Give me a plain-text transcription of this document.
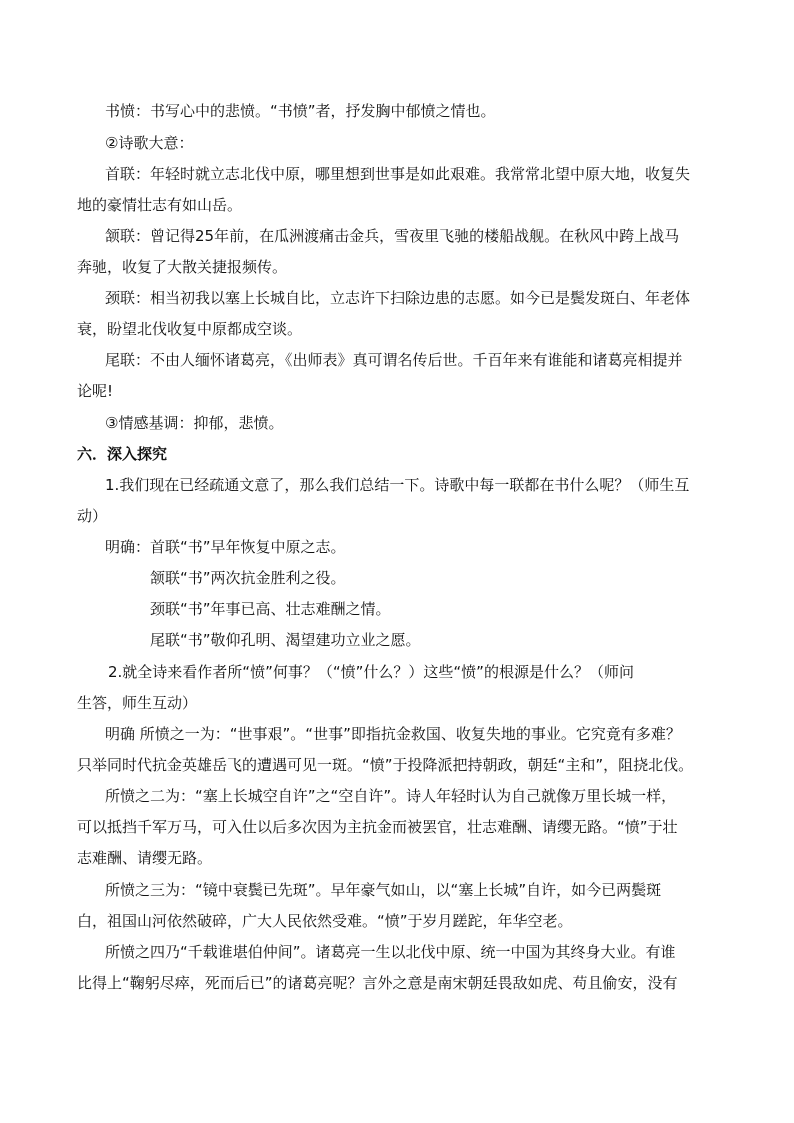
书愤：书写心中的悲愤。“书愤”者，抒发胸中郁愤之情也。
②诗歌大意：
首联：年轻时就立志北伐中原，哪里想到世事是如此艰难。我常常北望中原大地，收复失
地的豪情壮志有如山岳。
颔联：曾记得25年前，在瓜洲渡痛击金兵，雪夜里飞驰的楼船战舰。在秋风中跨上战马
奔驰，收复了大散关捷报频传。
颈联：相当初我以塞上长城自比，立志许下扫除边患的志愿。如今已是鬓发斑白、年老体
衰，盼望北伐收复中原都成空谈。
尾联：不由人缅怀诸葛亮，《出师表》真可谓名传后世。千百年来有谁能和诸葛亮相提并
论呢!
③情感基调：抑郁，悲愤。
六．深入探究
1.我们现在已经疏通文意了，那么我们总结一下。诗歌中每一联都在书什么呢？（师生互
动）
明确：首联“书”早年恢复中原之志。
颔联“书”两次抗金胜利之役。
颈联“书”年事已高、壮志难酬之情。
尾联“书”敬仰孔明、渴望建功立业之愿。
2.就全诗来看作者所“愤”何事？（“愤”什么？）这些“愤”的根源是什么？（师问
生答，师生互动）
明确 所愤之一为：“世事艰”。“世事”即指抗金救国、收复失地的事业。它究竟有多难？
只举同时代抗金英雄岳飞的遭遇可见一斑。“愤”于投降派把持朝政，朝廷“主和”，阻挠北伐。
所愤之二为：“塞上长城空自许”之“空自许”。诗人年轻时认为自己就像万里长城一样，
可以抵挡千军万马，可入仕以后多次因为主抗金而被罢官，壮志难酬、请缨无路。“愤”于壮
志难酬、请缨无路。
所愤之三为：“镜中衰鬓已先斑”。早年豪气如山，以“塞上长城”自许，如今已两鬓斑
白，祖国山河依然破碎，广大人民依然受难。“愤”于岁月蹉跎，年华空老。
所愤之四乃“千载谁堪伯仲间”。诸葛亮一生以北伐中原、统一中国为其终身大业。有谁
比得上“鞠躬尽瘁，死而后已”的诸葛亮呢？言外之意是南宋朝廷畏敌如虎、苟且偷安，没有
